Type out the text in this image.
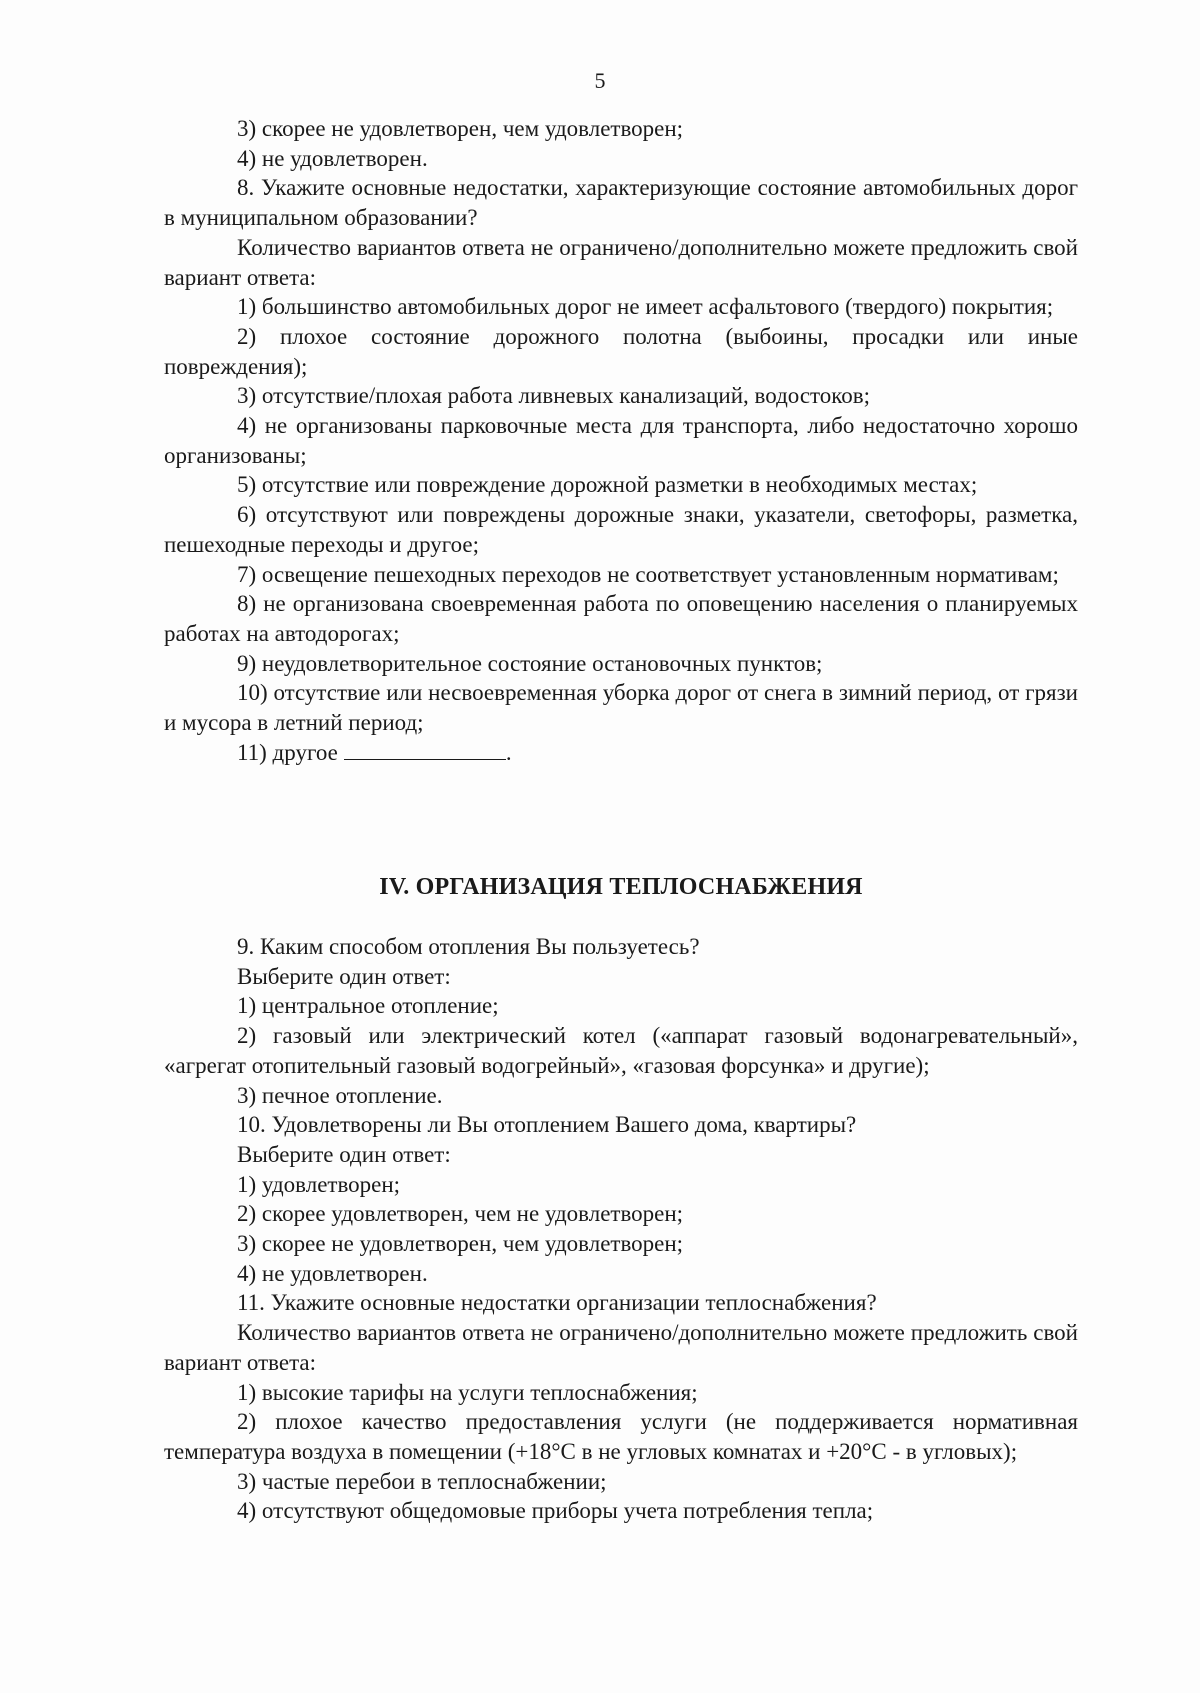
5

3) скорее не удовлетворен, чем удовлетворен;

4) не удовлетворен.

8. Укажите основные недостатки, характеризующие состояние автомобильных дорог в муниципальном образовании?

Количество вариантов ответа не ограничено/дополнительно можете предложить свой вариант ответа:

1) большинство автомобильных дорог не имеет асфальтового (твердого) покрытия;

2) плохое состояние дорожного полотна (выбоины, просадки или иные повреждения);

3) отсутствие/плохая работа ливневых канализаций, водостоков;

4) не организованы парковочные места для транспорта, либо недостаточно хорошо организованы;

5) отсутствие или повреждение дорожной разметки в необходимых местах;

6) отсутствуют или повреждены дорожные знаки, указатели, светофоры, разметка, пешеходные переходы и другое;

7) освещение пешеходных переходов не соответствует установленным нормативам;

8) не организована своевременная работа по оповещению населения о планируемых работах на автодорогах;

9) неудовлетворительное состояние остановочных пунктов;

10) отсутствие или несвоевременная уборка дорог от снега в зимний период, от грязи и мусора в летний период;

11) другое	.

IV. ОРГАНИЗАЦИЯ ТЕПЛОСНАБЖЕНИЯ

9. Каким способом отопления Вы пользуетесь?

Выберите один ответ:

1) центральное отопление;

2) газовый или электрический котел («аппарат газовый водонагревательный», «агрегат отопительный газовый водогрейный», «газовая форсунка» и другие);

3) печное отопление.

10. Удовлетворены ли Вы отоплением Вашего дома, квартиры?

Выберите один ответ:

1) удовлетворен;

2) скорее удовлетворен, чем не удовлетворен;

3) скорее не удовлетворен, чем удовлетворен;

4) не удовлетворен.

11. Укажите основные недостатки организации теплоснабжения?

Количество вариантов ответа не ограничено/дополнительно можете предложить свой вариант ответа:

1) высокие тарифы на услуги теплоснабжения;

2) плохое качество предоставления услуги (не поддерживается нормативная температура воздуха в помещении (+18°С в не угловых комнатах и +20°С - в угловых);

3) частые перебои в теплоснабжении;

4) отсутствуют общедомовые приборы учета потребления тепла;
